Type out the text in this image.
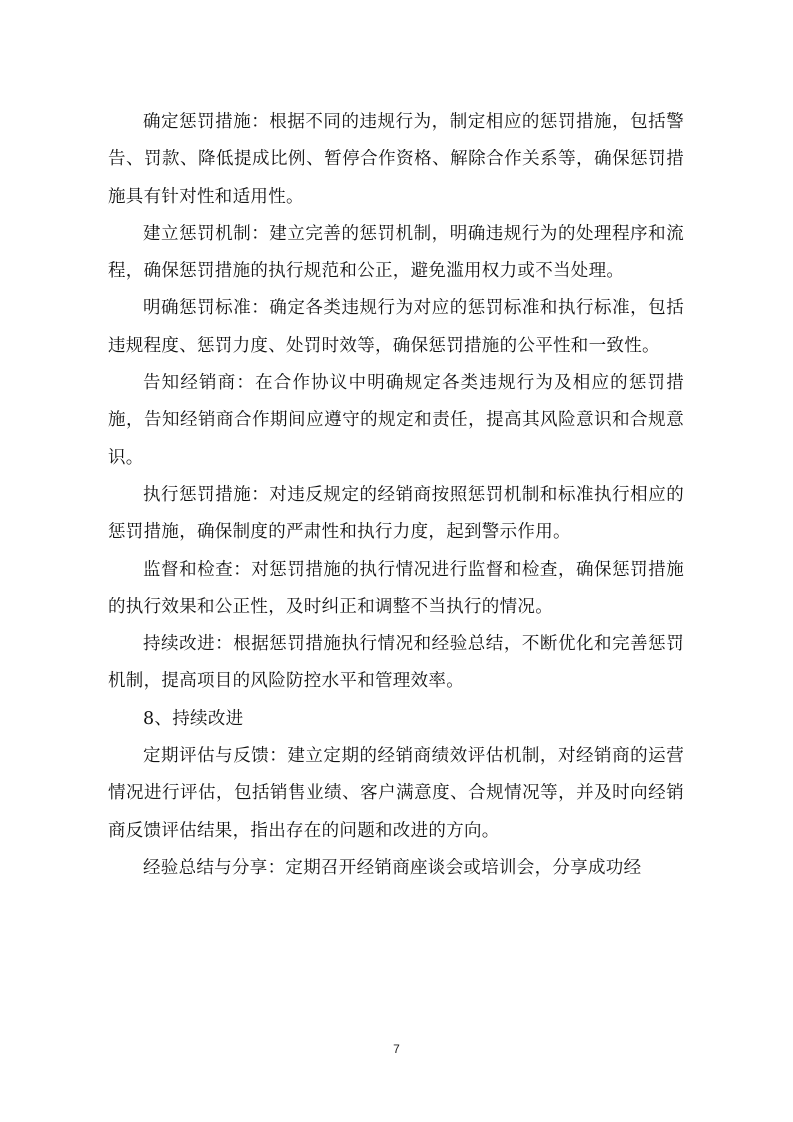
确定惩罚措施：根据不同的违规行为，制定相应的惩罚措施，包括警告、罚款、降低提成比例、暂停合作资格、解除合作关系等，确保惩罚措施具有针对性和适用性。

建立惩罚机制：建立完善的惩罚机制，明确违规行为的处理程序和流程，确保惩罚措施的执行规范和公正，避免滥用权力或不当处理。

明确惩罚标准：确定各类违规行为对应的惩罚标准和执行标准，包括违规程度、惩罚力度、处罚时效等，确保惩罚措施的公平性和一致性。

告知经销商：在合作协议中明确规定各类违规行为及相应的惩罚措施，告知经销商合作期间应遵守的规定和责任，提高其风险意识和合规意识。

执行惩罚措施：对违反规定的经销商按照惩罚机制和标准执行相应的惩罚措施，确保制度的严肃性和执行力度，起到警示作用。

监督和检查：对惩罚措施的执行情况进行监督和检查，确保惩罚措施的执行效果和公正性，及时纠正和调整不当执行的情况。

持续改进：根据惩罚措施执行情况和经验总结，不断优化和完善惩罚机制，提高项目的风险防控水平和管理效率。

8、持续改进

定期评估与反馈：建立定期的经销商绩效评估机制，对经销商的运营情况进行评估，包括销售业绩、客户满意度、合规情况等，并及时向经销商反馈评估结果，指出存在的问题和改进的方向。

经验总结与分享：定期召开经销商座谈会或培训会，分享成功经

7
